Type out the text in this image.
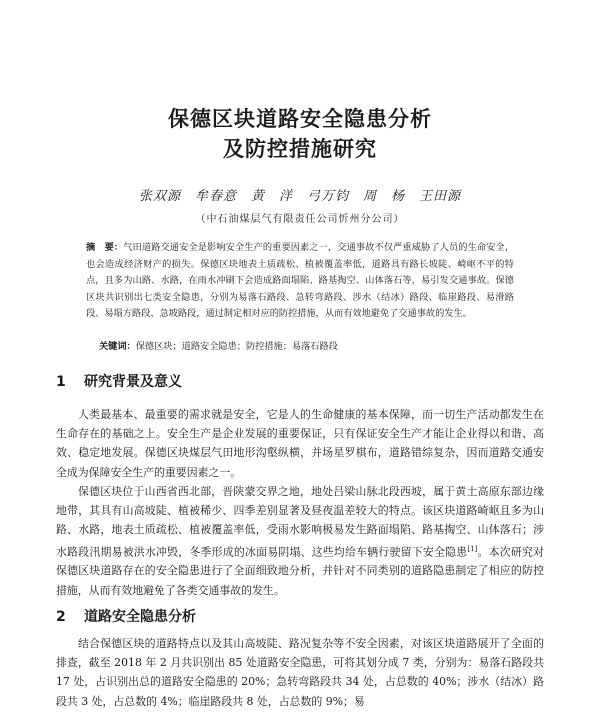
保德区块道路安全隐患分析
及防控措施研究
张双源　牟春意　黄　洋　弓万钧　周　杨　王田源
（中石油煤层气有限责任公司忻州分公司）

摘　要：气田道路交通安全是影响安全生产的重要因素之一，交通事故不仅严重威胁了人员的生命安全，也会造成经济财产的损失。保德区块地表土质疏松、植被覆盖率低，道路具有路长坡陡、崎岖不平的特点，且多为山路、水路，在雨水冲刷下会造成路面塌陷、路基掏空、山体落石等，易引发交通事故。保德区块共识别出七类安全隐患，分别为易落石路段、急转弯路段、涉水（结冰）路段、临崖路段、易滑路段、易塌方路段、急坡路段，通过制定相对应的防控措施，从而有效地避免了交通事故的发生。

关键词：保德区块；道路安全隐患；防控措施；易落石路段

1 研究背景及意义

人类最基本、最重要的需求就是安全，它是人的生命健康的基本保障，而一切生产活动都发生在生命存在的基础之上。安全生产是企业发展的重要保证，只有保证安全生产才能让企业得以和谐、高效、稳定地发展。保德区块煤层气田地形沟壑纵横，并场星罗棋布，道路错综复杂，因而道路交通安全成为保障安全生产的重要因素之一。

保德区块位于山西省西北部，晋陕蒙交界之地，地处吕梁山脉北段西坡，属于黄土高原东部边缘地带，其具有山高坡陡、植被稀少、四季差别显著及昼夜温差较大的特点。该区块道路崎岖且多为山路、水路，地表土质疏松、植被覆盖率低，受雨水影响极易发生路面塌陷、路基掏空、山体落石；涉水路段汛期易被洪水冲毁，冬季形成的冰面易阴塌、这些均给车辆行驶留下安全隐患[1]。本次研究对保德区块道路存在的安全隐患进行了全面细致地分析，并针对不同类别的道路隐患制定了相应的防控措施，从而有效地避免了各类交通事故的发生。

2 道路安全隐患分析

结合保德区块的道路特点以及其山高坡陡、路况复杂等不安全因素，对该区块道路展开了全面的排查，截至 2018 年 2 月共识别出 85 处道路安全隐患，可将其划分成 7 类，分别为：易落石路段共 17 处，占识别出总的道路安全隐患的 20%；急转弯路段共 34 处，占总数的 40%；涉水（结冰）路段共 3 处，占总数的 4%；临崖路段共 8 处，占总数的 9%；易
